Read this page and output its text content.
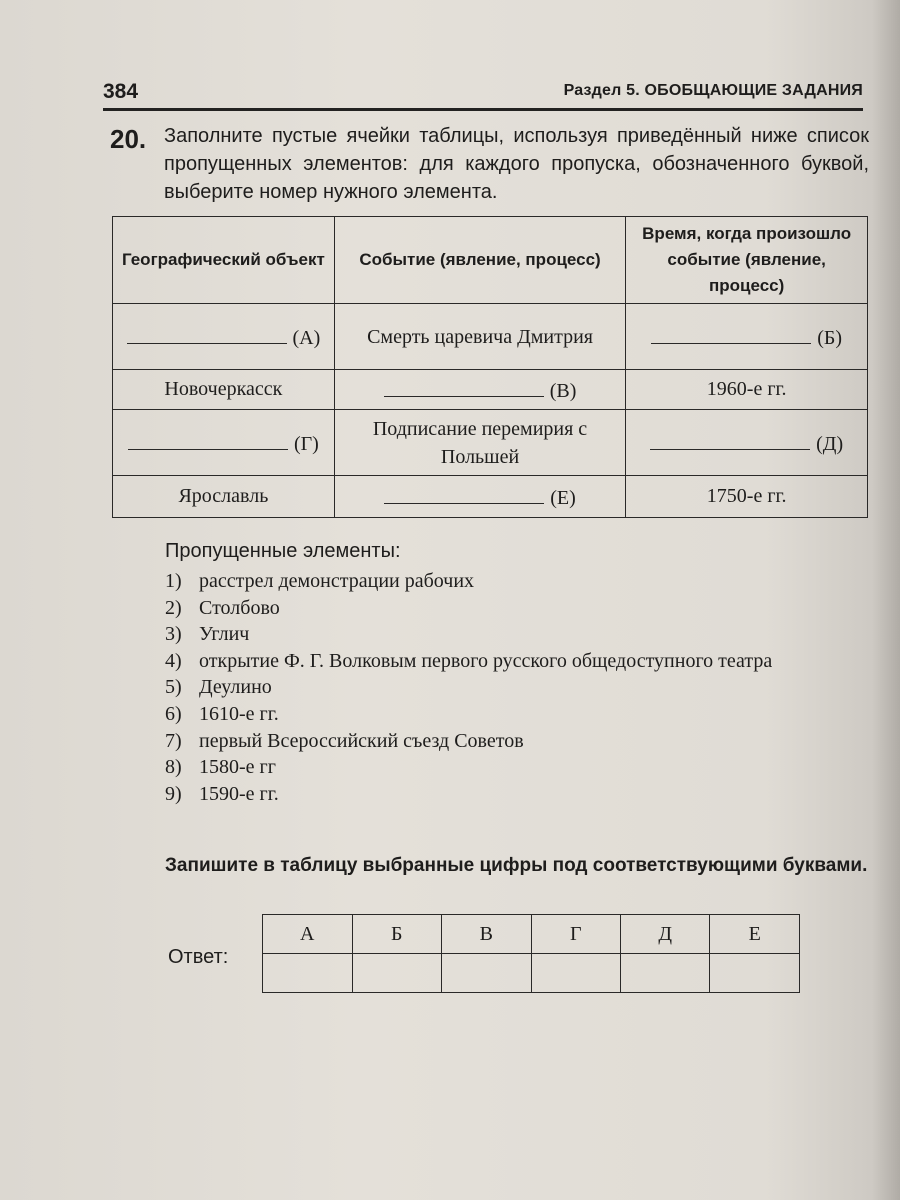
384	Раздел 5. ОБОБЩАЮЩИЕ ЗАДАНИЯ
20. Заполните пустые ячейки таблицы, используя приведённый ниже список пропущенных элементов: для каждого пропуска, обозначенного буквой, выберите номер нужного элемента.
Географический объект	Событие (явление, процесс)	Время, когда произошло событие (явление, процесс)
(А)	Смерть царевича Дмитрия	(Б)
Новочеркасск	(В)	1960-е гг.
(Г)	Подписание перемирия с Польшей	(Д)
Ярославль	(Е)	1750-е гг.
Пропущенные элементы:
1) расстрел демонстрации рабочих
2) Столбово
3) Углич
4) открытие Ф. Г. Волковым первого русского общедоступного театра
5) Деулино
6) 1610-е гг.
7) первый Всероссийский съезд Советов
8) 1580-е гг
9) 1590-е гг.
Запишите в таблицу выбранные цифры под соответствующими буквами.
Ответ:
А	Б	В	Г	Д	Е
